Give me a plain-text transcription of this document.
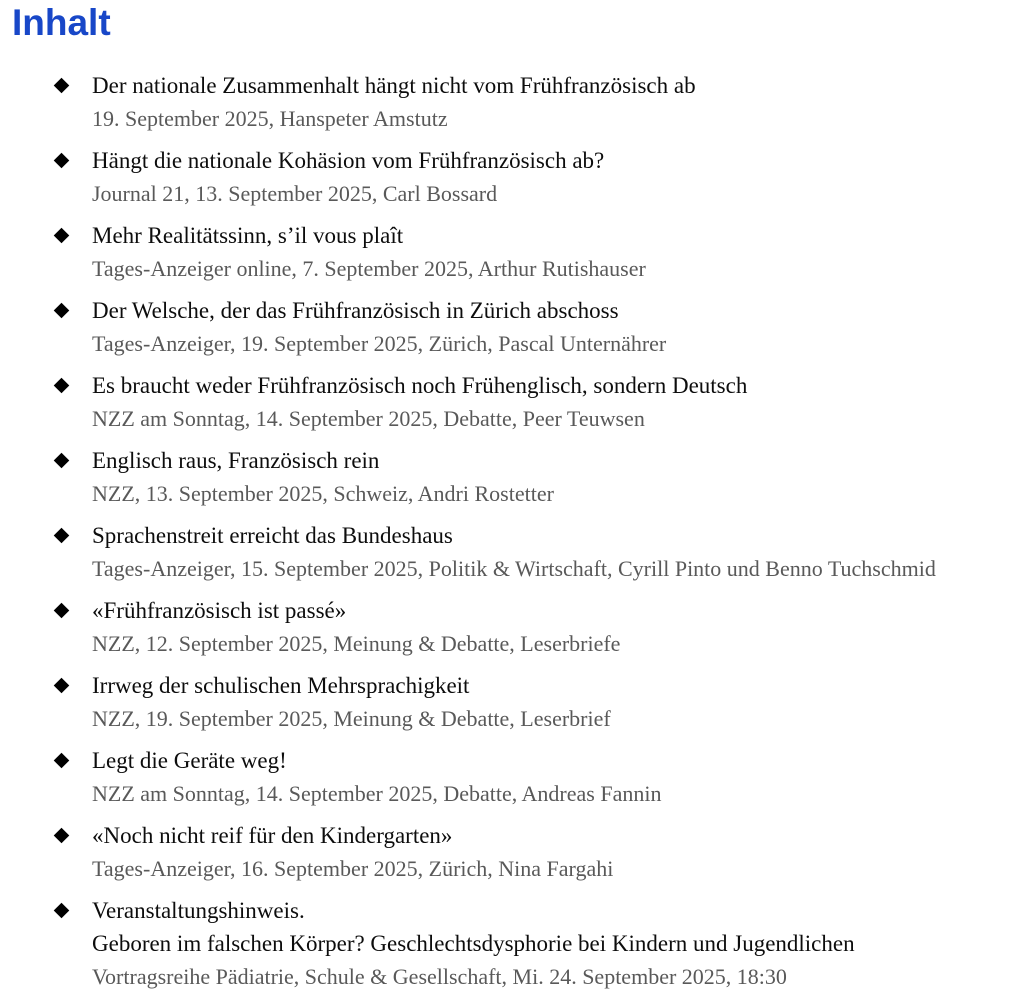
Inhalt
Der nationale Zusammenhalt hängt nicht vom Frühfranzösisch ab
19. September 2025, Hanspeter Amstutz
Hängt die nationale Kohäsion vom Frühfranzösisch ab?
Journal 21, 13. September 2025, Carl Bossard
Mehr Realitätssinn, s’il vous plaît
Tages-Anzeiger online, 7. September 2025, Arthur Rutishauser
Der Welsche, der das Frühfranzösisch in Zürich abschoss
Tages-Anzeiger, 19. September 2025, Zürich, Pascal Unternährer
Es braucht weder Frühfranzösisch noch Frühenglisch, sondern Deutsch
NZZ am Sonntag, 14. September 2025, Debatte, Peer Teuwsen
Englisch raus, Französisch rein
NZZ, 13. September 2025, Schweiz, Andri Rostetter
Sprachenstreit erreicht das Bundeshaus
Tages-Anzeiger, 15. September 2025, Politik & Wirtschaft, Cyrill Pinto und Benno Tuchschmid
«Frühfranzösisch ist passé»
NZZ, 12. September 2025, Meinung & Debatte, Leserbriefe
Irrweg der schulischen Mehrsprachigkeit
NZZ, 19. September 2025, Meinung & Debatte, Leserbrief
Legt die Geräte weg!
NZZ am Sonntag, 14. September 2025, Debatte, Andreas Fannin
«Noch nicht reif für den Kindergarten»
Tages-Anzeiger, 16. September 2025, Zürich, Nina Fargahi
Veranstaltungshinweis.
Geboren im falschen Körper? Geschlechtsdysphorie bei Kindern und Jugendlichen
Vortragsreihe Pädiatrie, Schule & Gesellschaft, Mi. 24. September 2025, 18:30
